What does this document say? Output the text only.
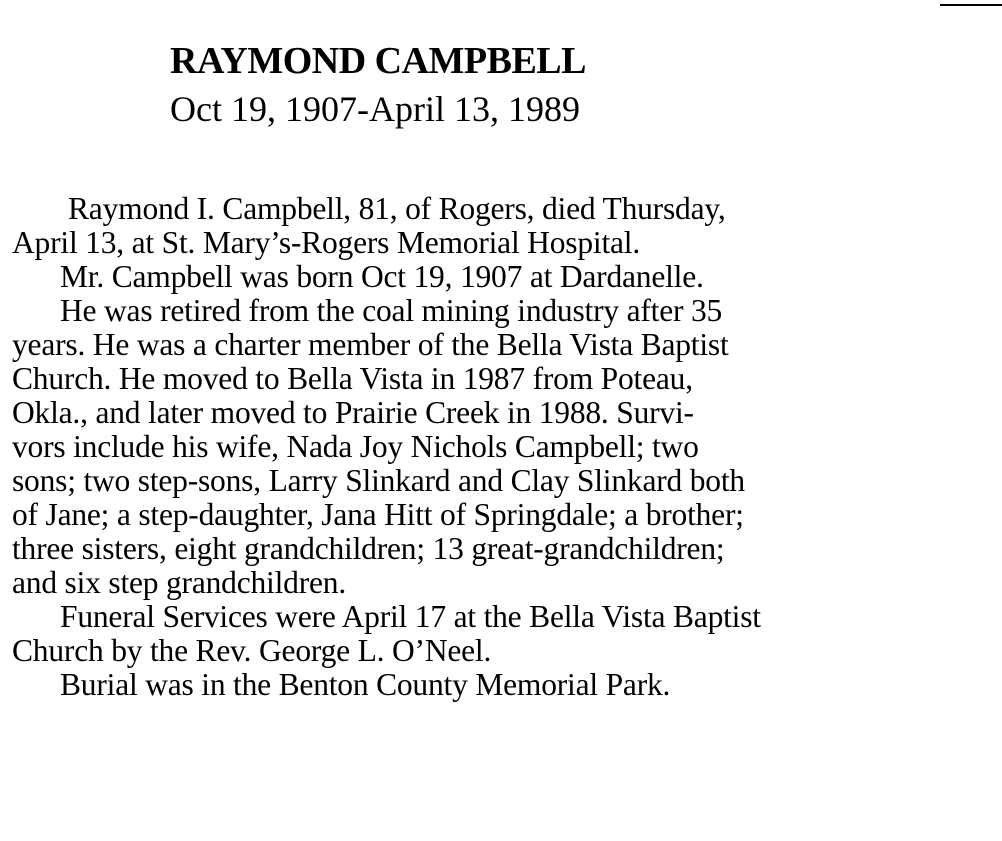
RAYMOND CAMPBELL
Oct 19, 1907-April 13, 1989
Raymond I. Campbell, 81, of Rogers, died Thursday,
April 13, at St. Mary’s-Rogers Memorial Hospital.
Mr. Campbell was born Oct 19, 1907 at Dardanelle.
He was retired from the coal mining industry after 35
years. He was a charter member of the Bella Vista Baptist
Church. He moved to Bella Vista in 1987 from Poteau,
Okla., and later moved to Prairie Creek in 1988. Survi-
vors include his wife, Nada Joy Nichols Campbell; two
sons; two step-sons, Larry Slinkard and Clay Slinkard both
of Jane; a step-daughter, Jana Hitt of Springdale; a brother;
three sisters, eight grandchildren; 13 great-grandchildren;
and six step grandchildren.
Funeral Services were April 17 at the Bella Vista Baptist
Church by the Rev. George L. O’Neel.
Burial was in the Benton County Memorial Park.
